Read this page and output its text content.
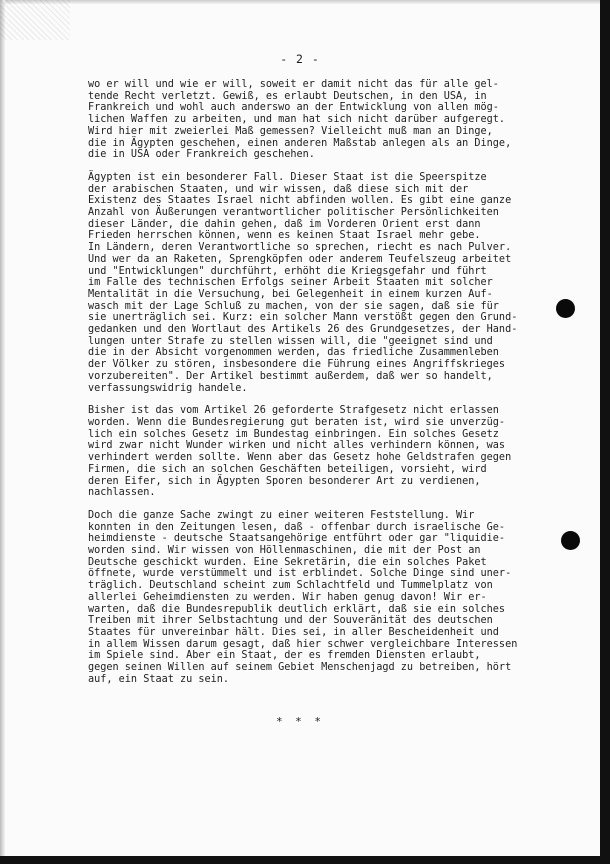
- 2 -
wo er will und wie er will, soweit er damit nicht das für alle gel-
tende Recht verletzt. Gewiß, es erlaubt Deutschen, in den USA, in
Frankreich und wohl auch anderswo an der Entwicklung von allen mög-
lichen Waffen zu arbeiten, und man hat sich nicht darüber aufgeregt.
Wird hier mit zweierlei Maß gemessen? Vielleicht muß man an Dinge,
die in Ägypten geschehen, einen anderen Maßstab anlegen als an Dinge,
die in USA oder Frankreich geschehen.
Ägypten ist ein besonderer Fall. Dieser Staat ist die Speerspitze
der arabischen Staaten, und wir wissen, daß diese sich mit der
Existenz des Staates Israel nicht abfinden wollen. Es gibt eine ganze
Anzahl von Äußerungen verantwortlicher politischer Persönlichkeiten
dieser Länder, die dahin gehen, daß im Vorderen Orient erst dann
Frieden herrschen können, wenn es keinen Staat Israel mehr gebe.
In Ländern, deren Verantwortliche so sprechen, riecht es nach Pulver.
Und wer da an Raketen, Sprengköpfen oder anderem Teufelszeug arbeitet
und "Entwicklungen" durchführt, erhöht die Kriegsgefahr und führt
im Falle des technischen Erfolgs seiner Arbeit Staaten mit solcher
Mentalität in die Versuchung, bei Gelegenheit in einem kurzen Auf-
wasch mit der Lage Schluß zu machen, von der sie sagen, daß sie für
sie unerträglich sei. Kurz: ein solcher Mann verstößt gegen den Grund-
gedanken und den Wortlaut des Artikels 26 des Grundgesetzes, der Hand-
lungen unter Strafe zu stellen wissen will, die "geeignet sind und
die in der Absicht vorgenommen werden, das friedliche Zusammenleben
der Völker zu stören, insbesondere die Führung eines Angriffskrieges
vorzubereiten". Der Artikel bestimmt außerdem, daß wer so handelt,
verfassungswidrig handele.
Bisher ist das vom Artikel 26 geforderte Strafgesetz nicht erlassen
worden. Wenn die Bundesregierung gut beraten ist, wird sie unverzüg-
lich ein solches Gesetz im Bundestag einbringen. Ein solches Gesetz
wird zwar nicht Wunder wirken und nicht alles verhindern können, was
verhindert werden sollte. Wenn aber das Gesetz hohe Geldstrafen gegen
Firmen, die sich an solchen Geschäften beteiligen, vorsieht, wird
deren Eifer, sich in Ägypten Sporen besonderer Art zu verdienen,
nachlassen.
Doch die ganze Sache zwingt zu einer weiteren Feststellung. Wir
konnten in den Zeitungen lesen, daß - offenbar durch israelische Ge-
heimdienste - deutsche Staatsangehörige entführt oder gar "liquidie-
worden sind. Wir wissen von Höllenmaschinen, die mit der Post an
Deutsche geschickt wurden. Eine Sekretärin, die ein solches Paket
öffnete, wurde verstümmelt und ist erblindet. Solche Dinge sind uner-
träglich. Deutschland scheint zum Schlachtfeld und Tummelplatz von
allerlei Geheimdiensten zu werden. Wir haben genug davon! Wir er-
warten, daß die Bundesrepublik deutlich erklärt, daß sie ein solches
Treiben mit ihrer Selbstachtung und der Souveränität des deutschen
Staates für unvereinbar hält. Dies sei, in aller Bescheidenheit und
in allem Wissen darum gesagt, daß hier schwer vergleichbare Interessen
im Spiele sind. Aber ein Staat, der es fremden Diensten erlaubt,
gegen seinen Willen auf seinem Gebiet Menschenjagd zu betreiben, hört
auf, ein Staat zu sein.
* * *
